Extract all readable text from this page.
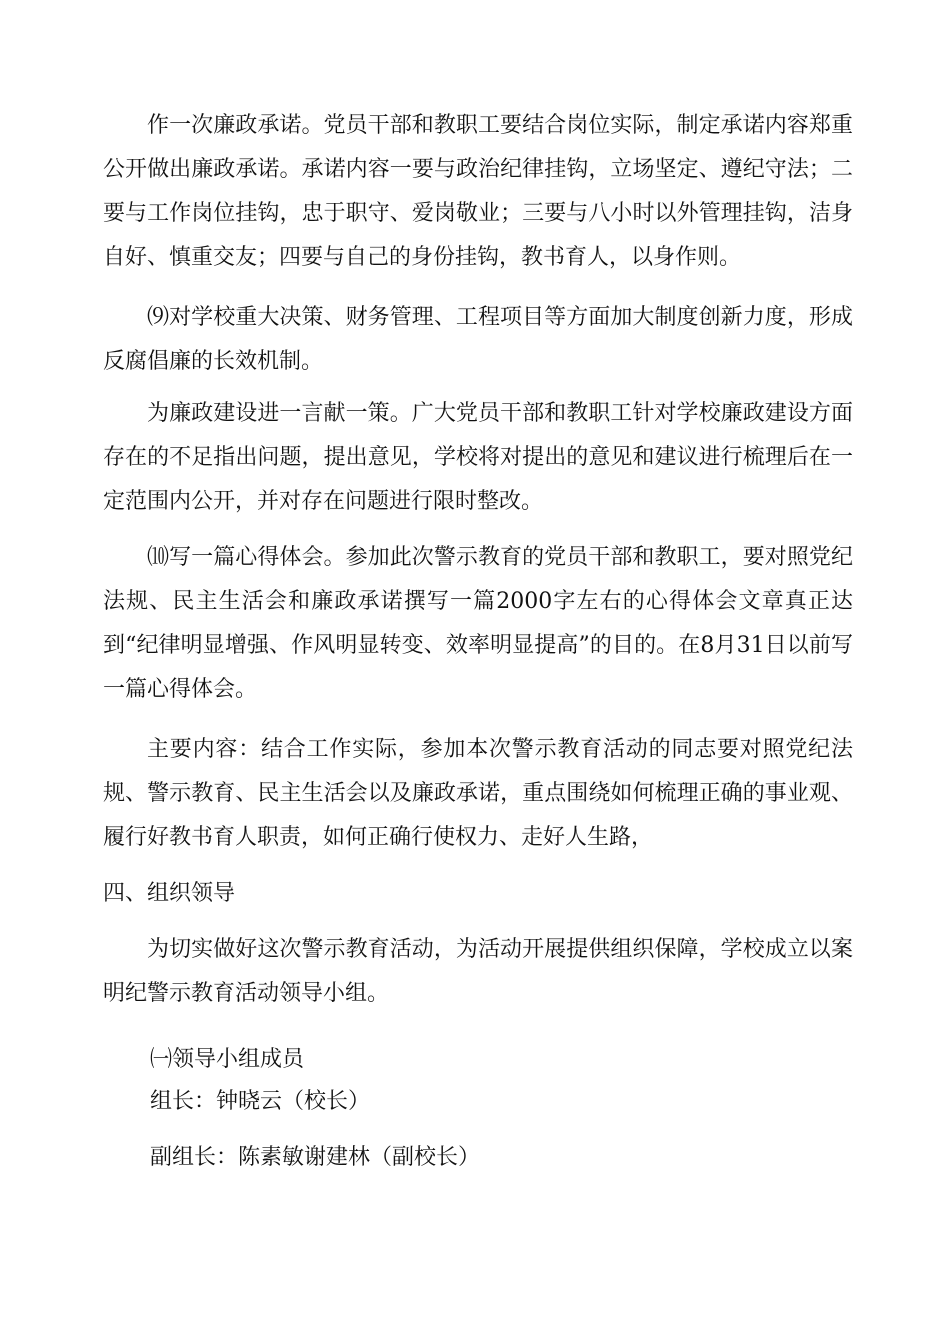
作一次廉政承诺。党员干部和教职工要结合岗位实际，制定承诺内容郑重公开做出廉政承诺。承诺内容一要与政治纪律挂钩，立场坚定、遵纪守法；二要与工作岗位挂钩，忠于职守、爱岗敬业；三要与八小时以外管理挂钩，洁身自好、慎重交友；四要与自己的身份挂钩，教书育人，以身作则。

⑼对学校重大决策、财务管理、工程项目等方面加大制度创新力度，形成反腐倡廉的长效机制。

为廉政建设进一言献一策。广大党员干部和教职工针对学校廉政建设方面存在的不足指出问题，提出意见，学校将对提出的意见和建议进行梳理后在一定范围内公开，并对存在问题进行限时整改。

⑽写一篇心得体会。参加此次警示教育的党员干部和教职工，要对照党纪法规、民主生活会和廉政承诺撰写一篇2000字左右的心得体会文章真正达到“纪律明显增强、作风明显转变、效率明显提高”的目的。在8月31日以前写一篇心得体会。

主要内容：结合工作实际，参加本次警示教育活动的同志要对照党纪法规、警示教育、民主生活会以及廉政承诺，重点围绕如何梳理正确的事业观、履行好教书育人职责，如何正确行使权力、走好人生路，

四、组织领导

为切实做好这次警示教育活动，为活动开展提供组织保障，学校成立以案明纪警示教育活动领导小组。

㈠领导小组成员

组长：钟晓云（校长）

副组长：陈素敏谢建林（副校长）
